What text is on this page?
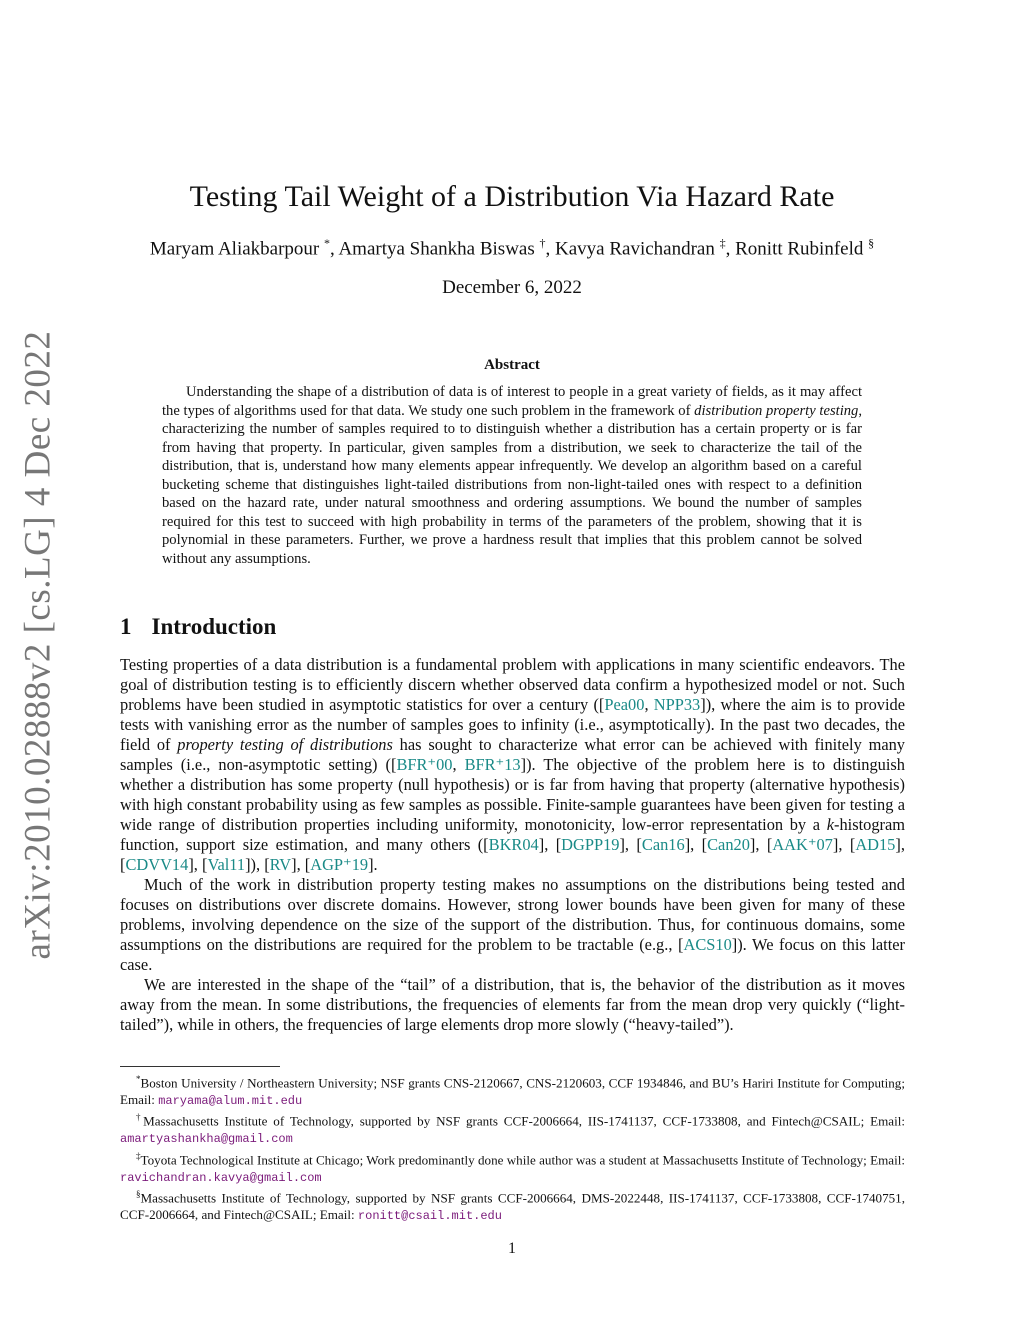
arXiv:2010.02888v2 [cs.LG] 4 Dec 2022
Testing Tail Weight of a Distribution Via Hazard Rate
Maryam Aliakbarpour *, Amartya Shankha Biswas †, Kavya Ravichandran ‡, Ronitt Rubinfeld §
December 6, 2022
Abstract
Understanding the shape of a distribution of data is of interest to people in a great variety of fields, as it may affect the types of algorithms used for that data. We study one such problem in the framework of distribution property testing, characterizing the number of samples required to to distinguish whether a distribution has a certain property or is far from having that property. In particular, given samples from a distribution, we seek to characterize the tail of the distribution, that is, understand how many elements appear infrequently. We develop an algorithm based on a careful bucketing scheme that distinguishes light-tailed distributions from non-light-tailed ones with respect to a definition based on the hazard rate, under natural smoothness and ordering assumptions. We bound the number of samples required for this test to succeed with high probability in terms of the parameters of the problem, showing that it is polynomial in these parameters. Further, we prove a hardness result that implies that this problem cannot be solved without any assumptions.
1 Introduction

Testing properties of a data distribution is a fundamental problem with applications in many scientific endeavors. The goal of distribution testing is to efficiently discern whether observed data confirm a hypothesized model or not. Such problems have been studied in asymptotic statistics for over a century ([Pea00, NPP33]), where the aim is to provide tests with vanishing error as the number of samples goes to infinity (i.e., asymptotically). In the past two decades, the field of property testing of distributions has sought to characterize what error can be achieved with finitely many samples (i.e., non-asymptotic setting) ([BFR⁺00, BFR⁺13]). The objective of the problem here is to distinguish whether a distribution has some property (null hypothesis) or is far from having that property (alternative hypothesis) with high constant probability using as few samples as possible. Finite-sample guarantees have been given for testing a wide range of distribution properties including uniformity, monotonicity, low-error representation by a k-histogram function, support size estimation, and many others ([BKR04], [DGPP19], [Can16], [Can20], [AAK⁺07], [AD15], [CDVV14], [Val11]), [RV], [AGP⁺19].

Much of the work in distribution property testing makes no assumptions on the distributions being tested and focuses on distributions over discrete domains. However, strong lower bounds have been given for many of these problems, involving dependence on the size of the support of the distribution. Thus, for continuous domains, some assumptions on the distributions are required for the problem to be tractable (e.g., [ACS10]). We focus on this latter case.

We are interested in the shape of the “tail” of a distribution, that is, the behavior of the distribution as it moves away from the mean. In some distributions, the frequencies of elements far from the mean drop very quickly (“light-tailed”), while in others, the frequencies of large elements drop more slowly (“heavy-tailed”).

*Boston University / Northeastern University; NSF grants CNS-2120667, CNS-2120603, CCF 1934846, and BU’s Hariri Institute for Computing; Email: maryama@alum.mit.edu

†Massachusetts Institute of Technology, supported by NSF grants CCF-2006664, IIS-1741137, CCF-1733808, and Fintech@CSAIL; Email: amartyashankha@gmail.com

‡Toyota Technological Institute at Chicago; Work predominantly done while author was a student at Massachusetts Institute of Technology; Email: ravichandran.kavya@gmail.com

§Massachusetts Institute of Technology, supported by NSF grants CCF-2006664, DMS-2022448, IIS-1741137, CCF-1733808, CCF-1740751, CCF-2006664, and Fintech@CSAIL; Email: ronitt@csail.mit.edu

1
